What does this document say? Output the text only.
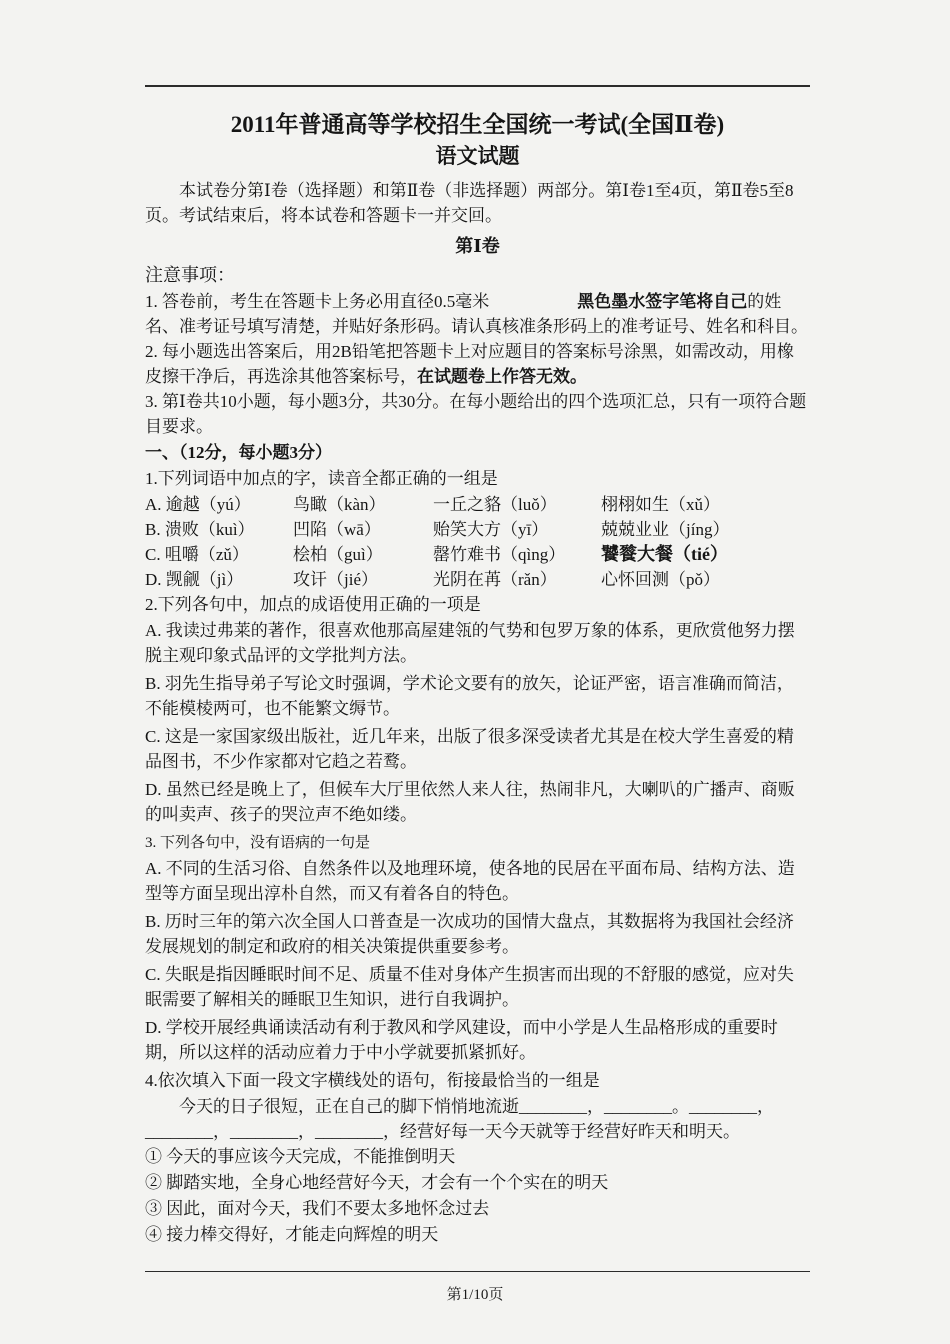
2011年普通高等学校招生全国统一考试(全国Ⅱ卷)
语文试题

本试卷分第Ⅰ卷（选择题）和第Ⅱ卷（非选择题）两部分。第Ⅰ卷1至4页，第Ⅱ卷5至8页。考试结束后，将本试卷和答题卡一并交回。

第Ⅰ卷

注意事项：

1. 答卷前，考生在答题卡上务必用直径0.5毫米	黑色墨水签字笔将自己的姓名、准考证号填写清楚，并贴好条形码。请认真核准条形码上的准考证号、姓名和科目。

2. 每小题选出答案后，用2B铅笔把答题卡上对应题目的答案标号涂黑，如需改动，用橡皮擦干净后，再选涂其他答案标号，在试题卷上作答无效。

3. 第Ⅰ卷共10小题，每小题3分，共30分。在每小题给出的四个选项汇总，只有一项符合题目要求。

一、（12分，每小题3分）

1.下列词语中加点的字，读音全都正确的一组是

A. 逾越（yú）	鸟瞰（kàn）	一丘之貉（luǒ）	栩栩如生（xǔ）
B. 溃败（kuì）	凹陷（wā）	贻笑大方（yī）	兢兢业业（jíng）
C. 咀嚼（zǔ）	桧柏（guì）	罄竹难书（qìng）	饕餮大餐（tié）
D. 觊觎（jì）	攻讦（jié）	光阴在苒（rǎn）	心怀回测（pǒ）

2.下列各句中，加点的成语使用正确的一项是

A. 我读过弗莱的著作，很喜欢他那高屋建瓴的气势和包罗万象的体系，更欣赏他努力摆脱主观印象式品评的文学批判方法。

B. 羽先生指导弟子写论文时强调，学术论文要有的放矢，论证严密，语言准确而简洁，不能模棱两可，也不能繁文缛节。

C. 这是一家国家级出版社，近几年来，出版了很多深受读者尤其是在校大学生喜爱的精品图书，不少作家都对它趋之若鹜。

D. 虽然已经是晚上了，但候车大厅里依然人来人往，热闹非凡，大喇叭的广播声、商贩的叫卖声、孩子的哭泣声不绝如缕。

3. 下列各句中，没有语病的一句是

A. 不同的生活习俗、自然条件以及地理环境，使各地的民居在平面布局、结构方法、造型等方面呈现出淳朴自然，而又有着各自的特色。

B. 历时三年的第六次全国人口普查是一次成功的国情大盘点，其数据将为我国社会经济发展规划的制定和政府的相关决策提供重要参考。

C. 失眠是指因睡眠时间不足、质量不佳对身体产生损害而出现的不舒服的感觉，应对失眠需要了解相关的睡眠卫生知识，进行自我调护。

D. 学校开展经典诵读活动有利于教风和学风建设，而中小学是人生品格形成的重要时期，所以这样的活动应着力于中小学就要抓紧抓好。

4.依次填入下面一段文字横线处的语句，衔接最恰当的一组是

今天的日子很短，正在自己的脚下悄悄地流逝________，________。________，________，________，________，经营好每一天今天就等于经营好昨天和明天。

① 今天的事应该今天完成，不能推倒明天

② 脚踏实地，全身心地经营好今天，才会有一个个实在的明天

③ 因此，面对今天，我们不要太多地怀念过去

④ 接力棒交得好，才能走向辉煌的明天

第1/10页
